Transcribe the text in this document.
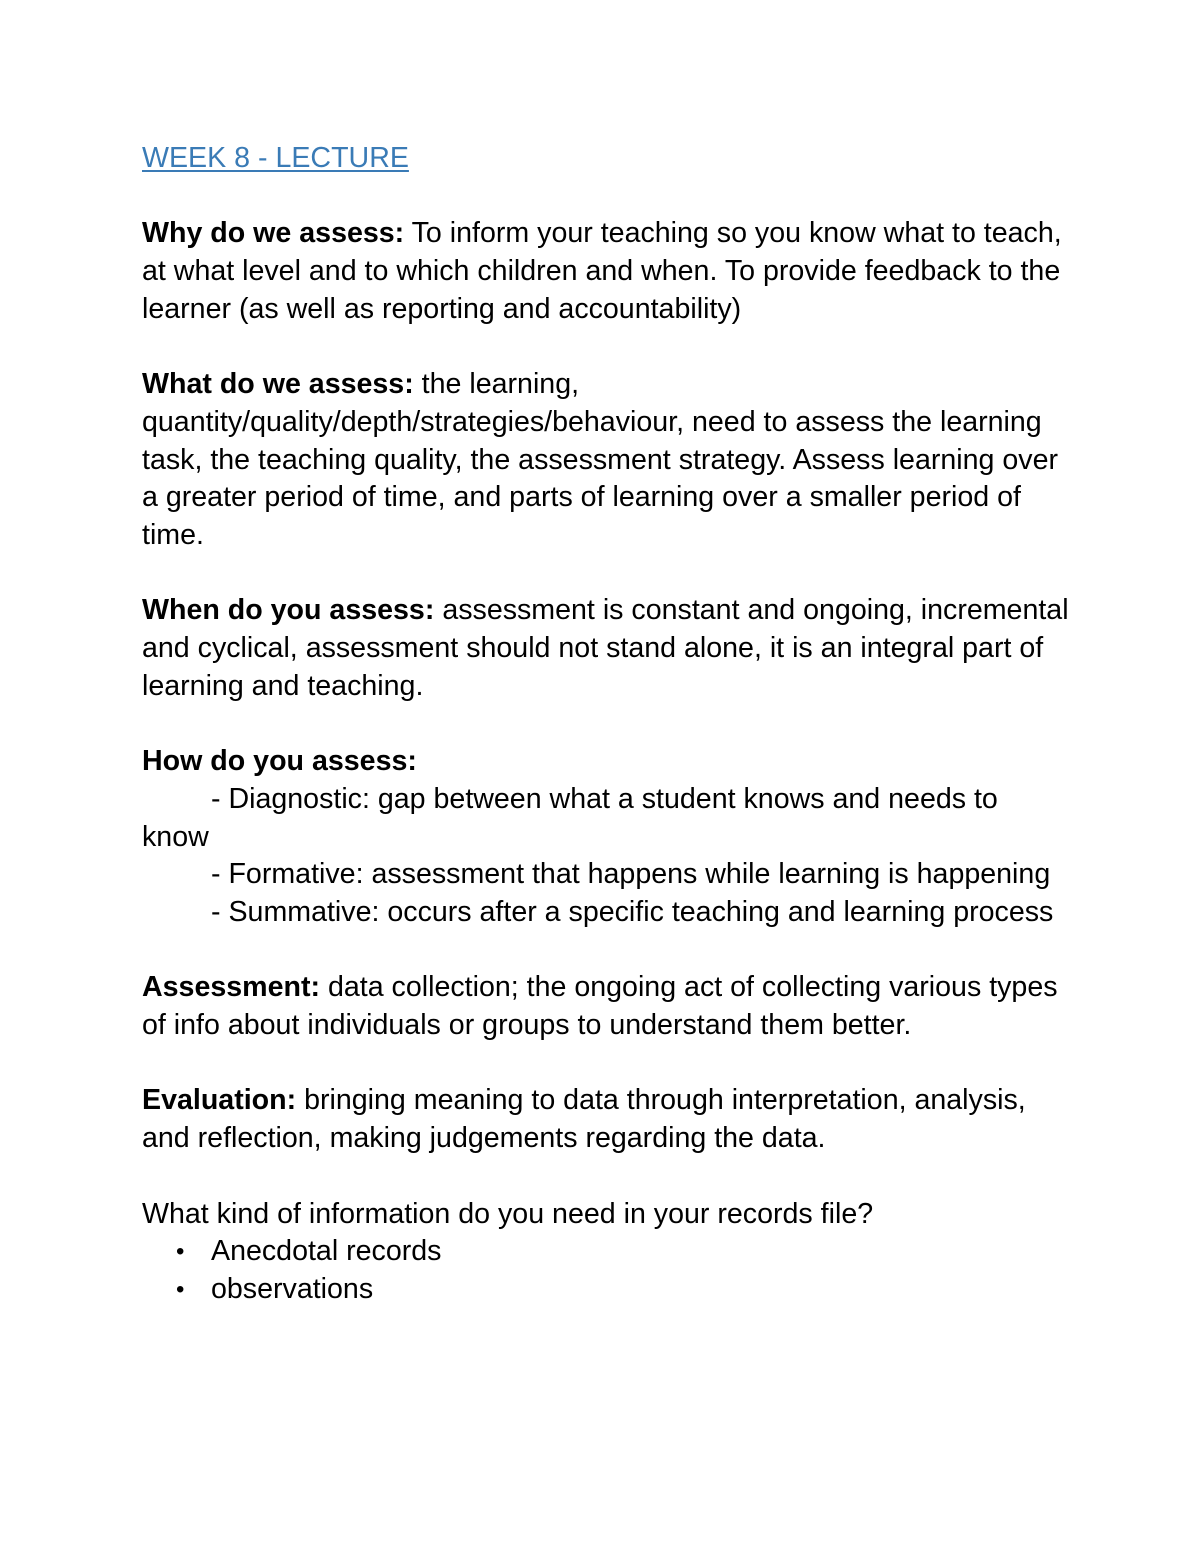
WEEK 8 - LECTURE
Why do we assess: To inform your teaching so you know what to teach, at what level and to which children and when. To provide feedback to the learner (as well as reporting and accountability)
What do we assess: the learning, quantity/quality/depth/strategies/behaviour, need to assess the learning task, the teaching quality, the assessment strategy. Assess learning over a greater period of time, and parts of learning over a smaller period of time.
When do you assess: assessment is constant and ongoing, incremental and cyclical, assessment should not stand alone, it is an integral part of learning and teaching.
How do you assess:
- Diagnostic: gap between what a student knows and needs to know
- Formative: assessment that happens while learning is happening
- Summative: occurs after a specific teaching and learning process
Assessment: data collection; the ongoing act of collecting various types of info about individuals or groups to understand them better.
Evaluation: bringing meaning to data through interpretation, analysis, and reflection, making judgements regarding the data.
What kind of information do you need in your records file?
• Anecdotal records
• observations
